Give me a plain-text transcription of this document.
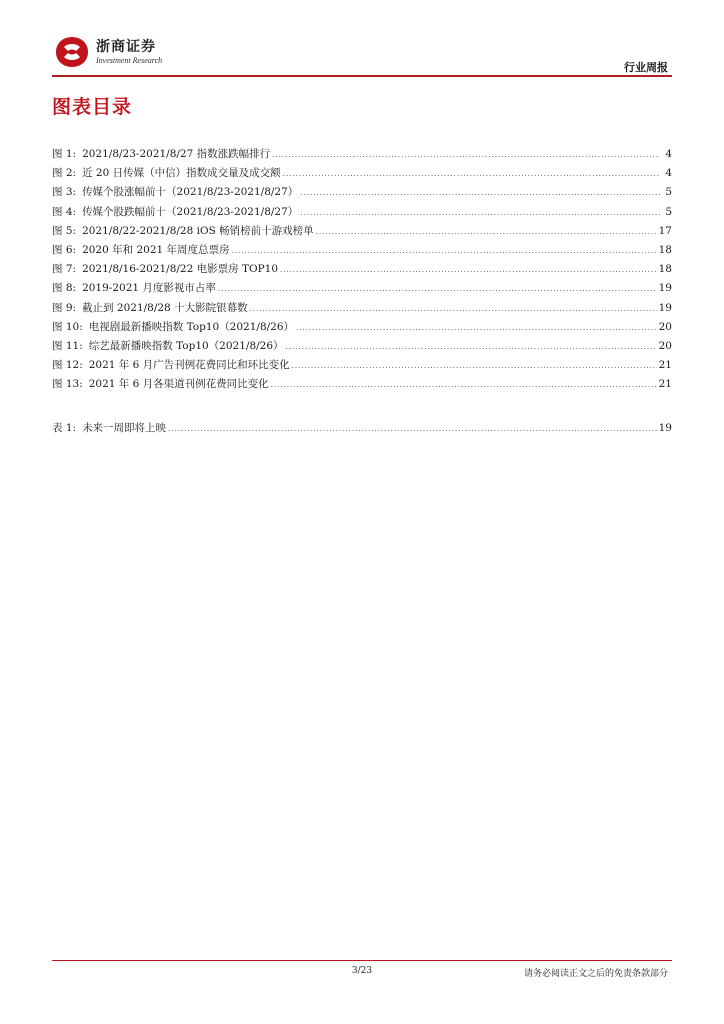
浙商证券
Investment Research
行业周报
图表目录
图 1: 2021/8/23-2021/8/27 指数涨跌幅排行 .....	4
图 2: 近 20 日传媒（中信）指数成交量及成交额 .....	4
图 3: 传媒个股涨幅前十（2021/8/23-2021/8/27） .....	5
图 4: 传媒个股跌幅前十（2021/8/23-2021/8/27） .....	5
图 5: 2021/8/22-2021/8/28 iOS 畅销榜前十游戏榜单 .....	17
图 6: 2020 年和 2021 年周度总票房 .....	18
图 7: 2021/8/16-2021/8/22 电影票房 TOP10 .....	18
图 8: 2019-2021 月度影视市占率 .....	19
图 9: 截止到 2021/8/28 十大影院银幕数 .....	19
图 10: 电视剧最新播映指数 Top10（2021/8/26） .....	20
图 11: 综艺最新播映指数 Top10（2021/8/26） .....	20
图 12: 2021 年 6 月广告刊例花费同比和环比变化 .....	21
图 13: 2021 年 6 月各渠道刊例花费同比变化 .....	21
表 1: 未来一周即将上映 .....	19
3/23	请务必阅读正文之后的免责条款部分
